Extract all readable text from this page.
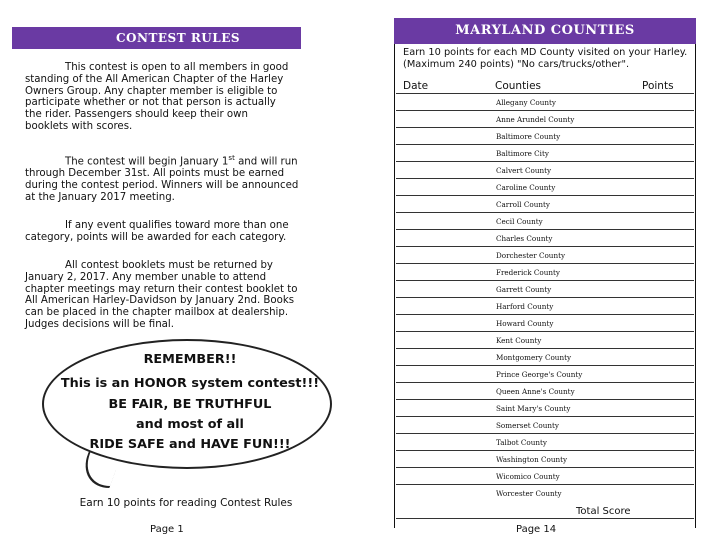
CONTEST RULES
This contest is open to all members in good standing of the All American Chapter of the Harley Owners Group. Any chapter member is eligible to participate whether or not that person is actually the rider. Passengers should keep their own booklets with scores.
The contest will begin January 1st and will run through December 31st. All points must be earned during the contest period. Winners will be announced at the January 2017 meeting.
If any event qualifies toward more than one category, points will be awarded for each category.
All contest booklets must be returned by January 2, 2017. Any member unable to attend chapter meetings may return their contest booklet to All American Harley-Davidson by January 2nd. Books can be placed in the chapter mailbox at dealership. Judges decisions will be final.
REMEMBER!!
This is an HONOR system contest!!!
BE FAIR, BE TRUTHFUL
and most of all
RIDE SAFE and HAVE FUN!!!
Earn 10 points for reading Contest Rules
Page 1
MARYLAND COUNTIES
Earn 10 points for each MD County visited on your Harley. (Maximum 240 points) "No cars/trucks/other".
Date	Counties	Points
Allegany County
Anne Arundel County
Baltimore County
Baltimore City
Calvert County
Caroline County
Carroll County
Cecil County
Charles County
Dorchester County
Frederick County
Garrett County
Harford County
Howard County
Kent County
Montgomery County
Prince George's County
Queen Anne's County
Saint Mary's County
Somerset County
Talbot County
Washington County
Wicomico County
Worcester County
Total Score
Page 14
